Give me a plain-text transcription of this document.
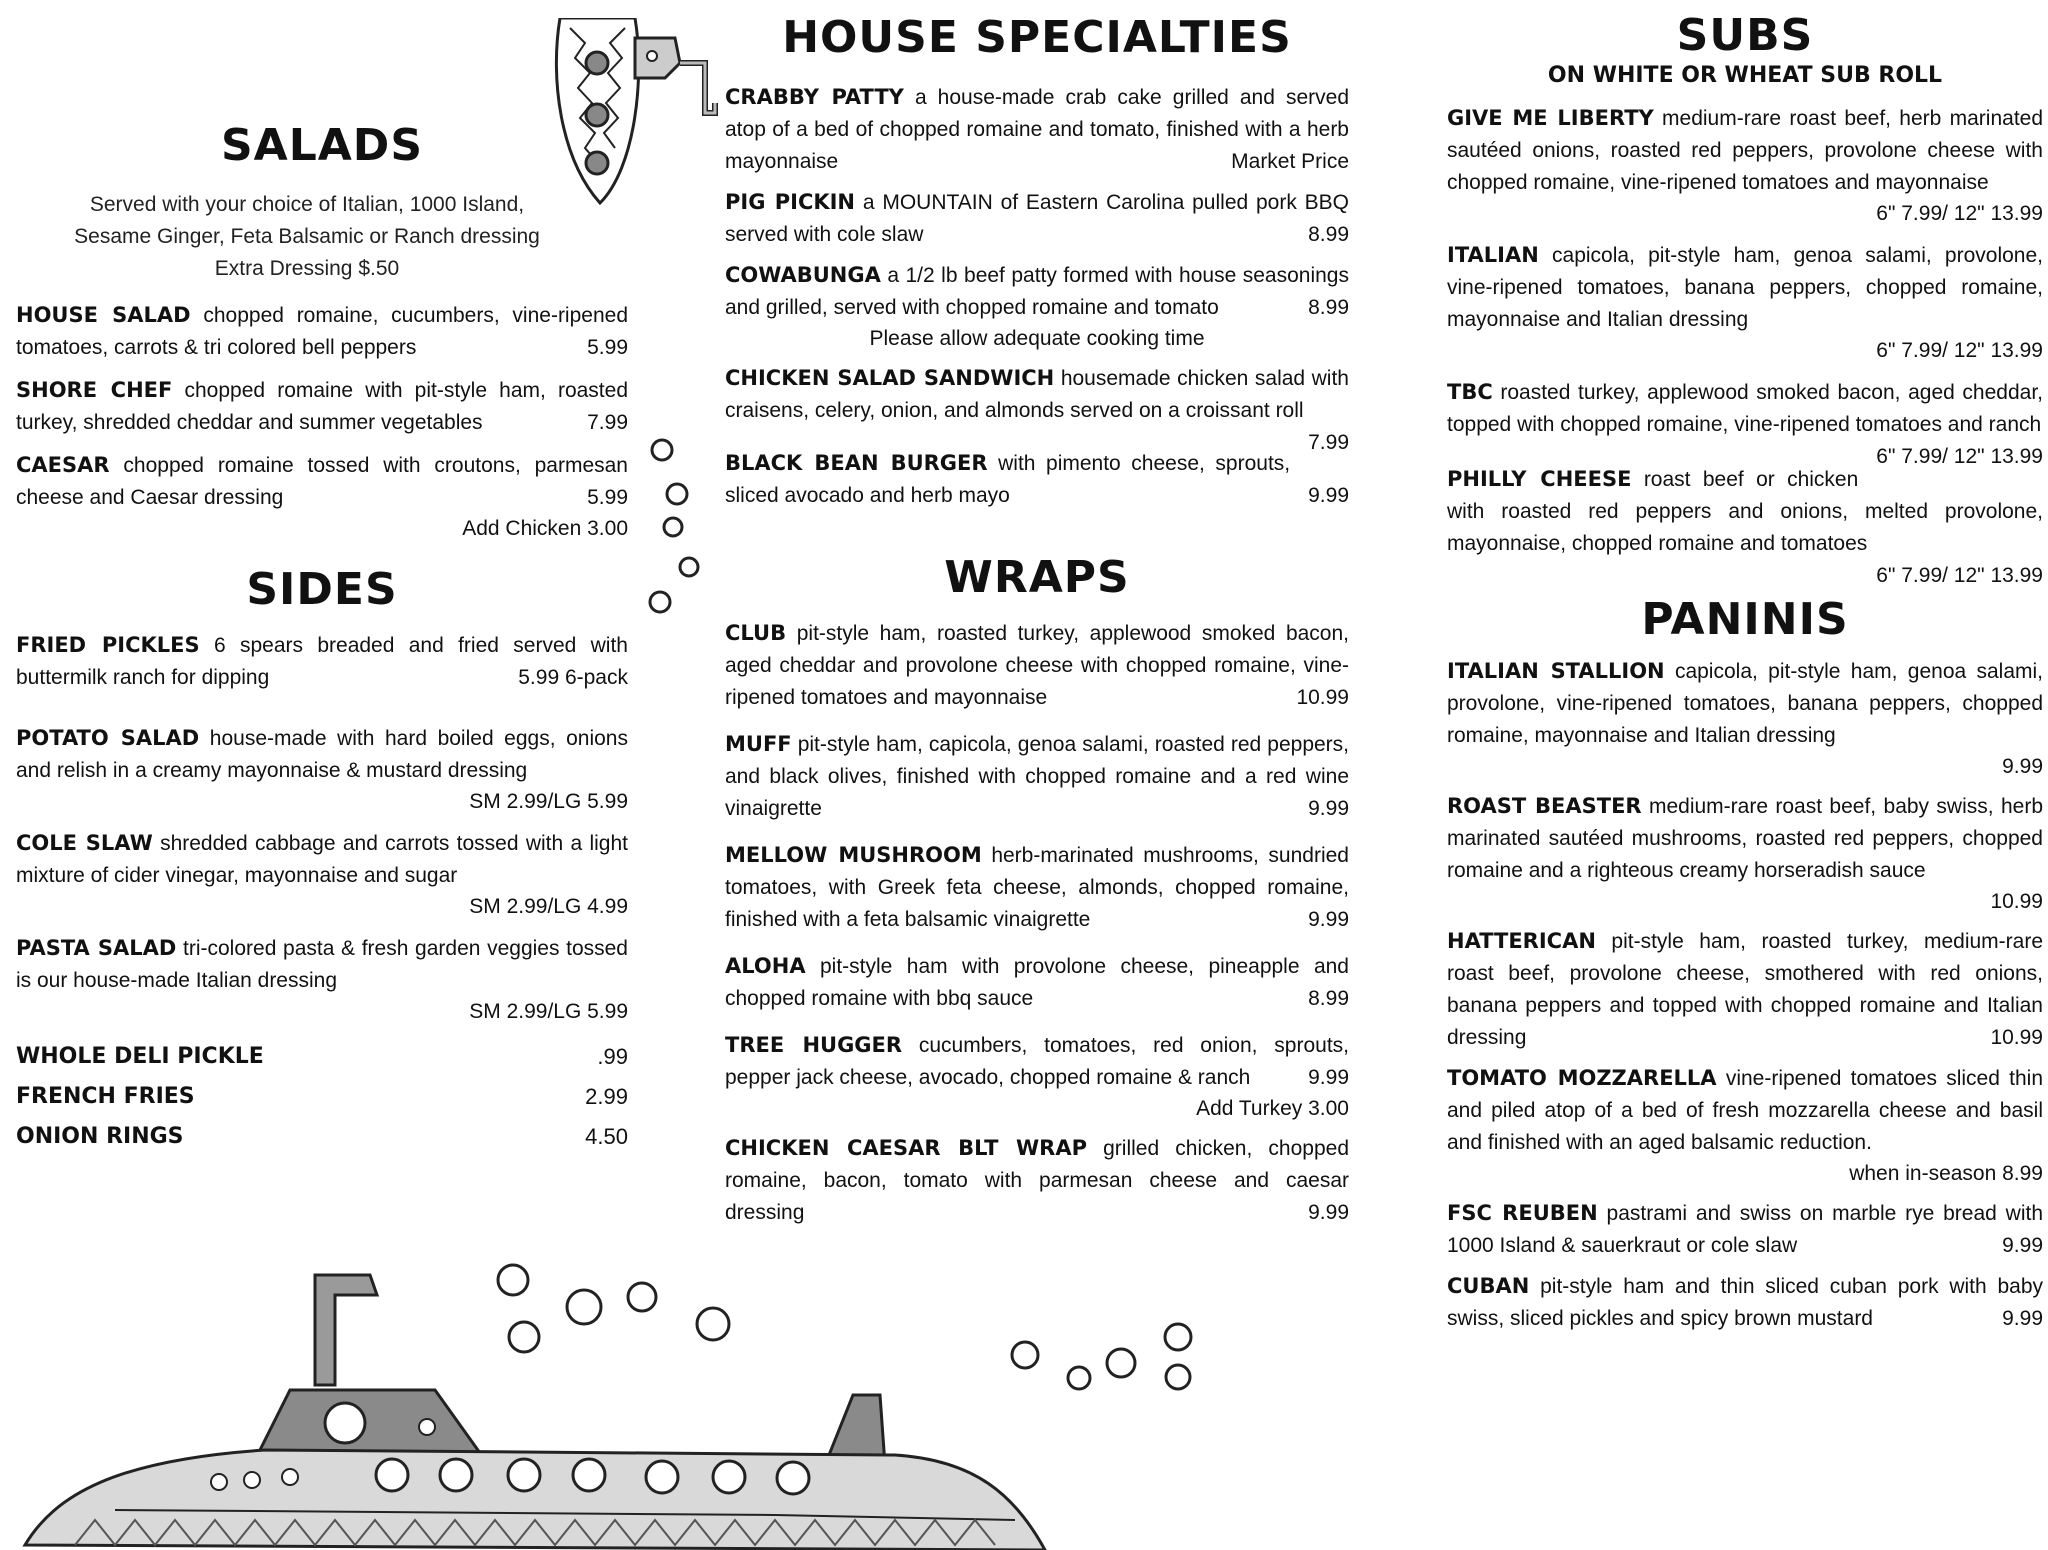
SALADS
Served with your choice of Italian, 1000 Island,
Sesame Ginger, Feta Balsamic or Ranch dressing
Extra Dressing $.50
HOUSE SALAD chopped romaine, cucumbers, vine-ripened tomatoes, carrots & tri colored bell peppers	5.99
SHORE CHEF chopped romaine with pit-style ham, roasted turkey, shredded cheddar and summer vegetables	7.99
CAESAR chopped romaine tossed with croutons, parmesan cheese and Caesar dressing	5.99
Add Chicken 3.00
SIDES
FRIED PICKLES 6 spears breaded and fried served with buttermilk ranch for dipping	5.99 6-pack
POTATO SALAD house-made with hard boiled eggs, onions and relish in a creamy mayonnaise & mustard dressing
SM 2.99/LG 5.99
COLE SLAW shredded cabbage and carrots tossed with a light mixture of cider vinegar, mayonnaise and sugar
SM 2.99/LG 4.99
PASTA SALAD tri-colored pasta & fresh garden veggies tossed is our house-made Italian dressing
SM 2.99/LG 5.99
WHOLE DELI PICKLE	.99
FRENCH FRIES	2.99
ONION RINGS	4.50
HOUSE SPECIALTIES
CRABBY PATTY a house-made crab cake grilled and served atop of a bed of chopped romaine and tomato, finished with a herb mayonnaise	Market Price
PIG PICKIN a MOUNTAIN of Eastern Carolina pulled pork BBQ served with cole slaw	8.99
COWABUNGA a 1/2 lb beef patty formed with house seasonings and grilled, served with chopped romaine and tomato	8.99
Please allow adequate cooking time
CHICKEN SALAD SANDWICH housemade chicken salad with craisens, celery, onion, and almonds served on a croissant roll
7.99
BLACK BEAN BURGER with pimento cheese, sprouts, sliced avocado and herb mayo	9.99
WRAPS
CLUB pit-style ham, roasted turkey, applewood smoked bacon, aged cheddar and provolone cheese with chopped romaine, vine-ripened tomatoes and mayonnaise	10.99
MUFF pit-style ham, capicola, genoa salami, roasted red peppers, and black olives, finished with chopped romaine and a red wine vinaigrette	9.99
MELLOW MUSHROOM herb-marinated mushrooms, sundried tomatoes, with Greek feta cheese, almonds, chopped romaine, finished with a feta balsamic vinaigrette	9.99
ALOHA pit-style ham with provolone cheese, pineapple and chopped romaine with bbq sauce	8.99
TREE HUGGER cucumbers, tomatoes, red onion, sprouts, pepper jack cheese, avocado, chopped romaine & ranch	9.99
Add Turkey 3.00
CHICKEN CAESAR BLT WRAP grilled chicken, chopped romaine, bacon, tomato with parmesan cheese and caesar dressing	9.99
SUBS
ON WHITE OR WHEAT SUB ROLL
GIVE ME LIBERTY medium-rare roast beef, herb marinated sautéed onions, roasted red peppers, provolone cheese with chopped romaine, vine-ripened tomatoes and mayonnaise
6" 7.99/ 12" 13.99
ITALIAN capicola, pit-style ham, genoa salami, provolone, vine-ripened tomatoes, banana peppers, chopped romaine, mayonnaise and Italian dressing
6" 7.99/ 12" 13.99
TBC roasted turkey, applewood smoked bacon, aged cheddar, topped with chopped romaine, vine-ripened tomatoes and ranch
6" 7.99/ 12" 13.99
PHILLY CHEESE roast beef or chicken with roasted red peppers and onions, melted provolone, mayonnaise, chopped romaine and tomatoes
6" 7.99/ 12" 13.99
PANINIS
ITALIAN STALLION capicola, pit-style ham, genoa salami, provolone, vine-ripened tomatoes, banana peppers, chopped romaine, mayonnaise and Italian dressing
9.99
ROAST BEASTER medium-rare roast beef, baby swiss, herb marinated sautéed mushrooms, roasted red peppers, chopped romaine and a righteous creamy horseradish sauce
10.99
HATTERICAN pit-style ham, roasted turkey, medium-rare roast beef, provolone cheese, smothered with red onions, banana peppers and topped with chopped romaine and Italian dressing	10.99
TOMATO MOZZARELLA vine-ripened tomatoes sliced thin and piled atop of a bed of fresh mozzarella cheese and basil and finished with an aged balsamic reduction.
when in-season 8.99
FSC REUBEN pastrami and swiss on marble rye bread with 1000 Island & sauerkraut or cole slaw	9.99
CUBAN pit-style ham and thin sliced cuban pork with baby swiss, sliced pickles and spicy brown mustard	9.99
